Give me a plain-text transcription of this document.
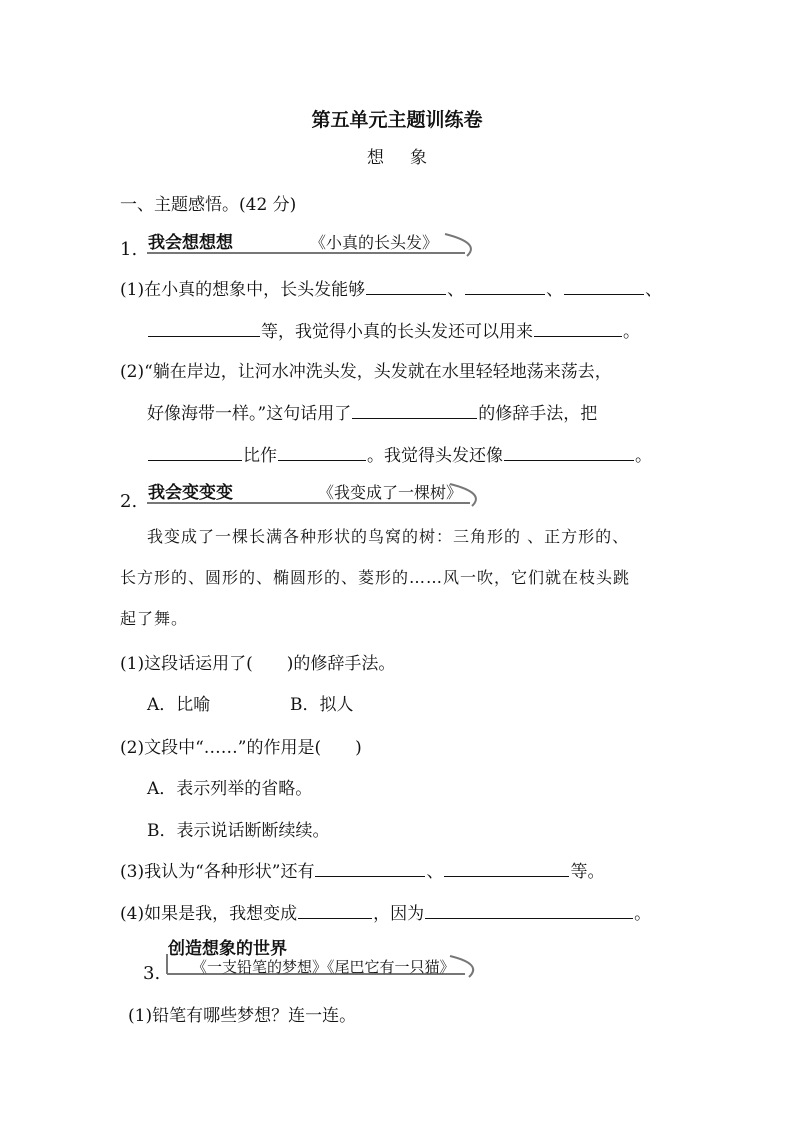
第五单元主题训练卷
想象
一、主题感悟。(42 分)
1. 我会想想想	《小真的长头发》
(1)在小真的想象中，长头发能够	、	、	、
等，我觉得小真的长头发还可以用来	。
(2)“躺在岸边，让河水冲洗头发，头发就在水里轻轻地荡来荡去，
好像海带一样。”这句话用了	的修辞手法，把
比作	。我觉得头发还像	。
2. 我会变变变	《我变成了一棵树》
我变成了一棵长满各种形状的鸟窝的树：三角形的 、正方形的、
长方形的、圆形的、椭圆形的、菱形的……风一吹，它们就在枝头跳
起了舞。
(1)这段话运用了(　　)的修辞手法。
A．比喻	B．拟人
(2)文段中“……”的作用是(　　)
A．表示列举的省略。
B．表示说话断断续续。
(3)我认为“各种形状”还有	、	等。
(4)如果是我，我想变成	，因为	。
创造想象的世界
3. 《一支铅笔的梦想》《尾巴它有一只猫》
(1)铅笔有哪些梦想？连一连。
